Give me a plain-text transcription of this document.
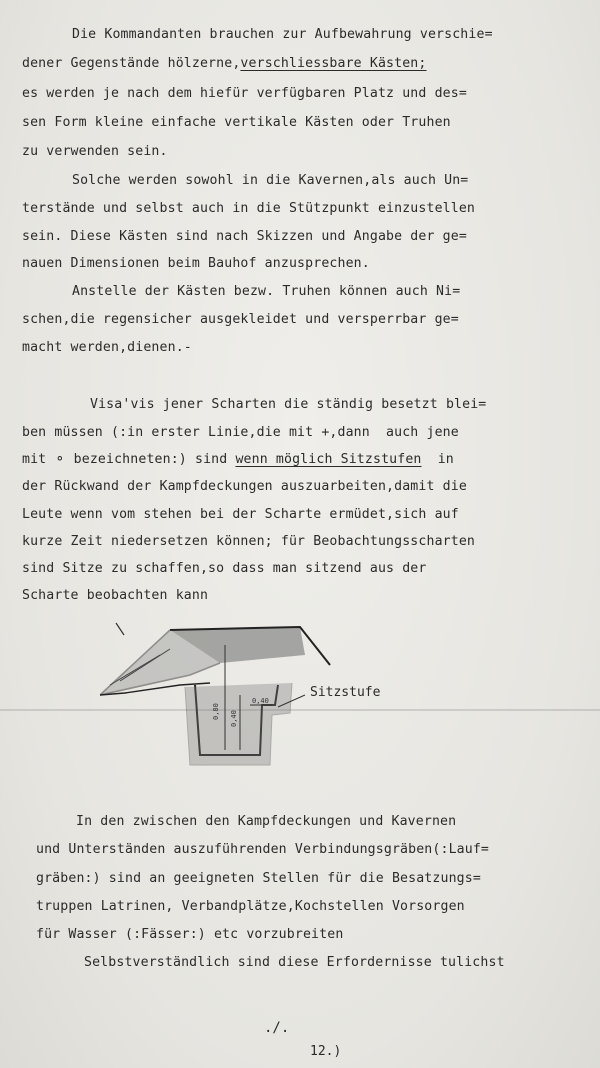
Die Kommandanten brauchen zur Aufbewahrung verschie=
dener Gegenstände hölzerne,verschliessbare Kästen;
es werden je nach dem hiefür verfügbaren Platz und des=
sen Form kleine einfache vertikale Kästen oder Truhen
zu verwenden sein.
Solche werden sowohl in die Kavernen,als auch Un=
terstände und selbst auch in die Stützpunkt einzustellen
sein. Diese Kästen sind nach Skizzen und Angabe der ge=
nauen Dimensionen beim Bauhof anzusprechen.
Anstelle der Kästen bezw. Truhen können auch Ni=
schen,die regensicher ausgekleidet und versperrbar ge=
macht werden,dienen.-
Visa'vis jener Scharten die ständig besetzt blei=
ben müssen (:in erster Linie,die mit +,dann  auch jene
mit ⚬ bezeichneten:) sind wenn möglich Sitzstufen  in
der Rückwand der Kampfdeckungen auszuarbeiten,damit die
Leute wenn vom stehen bei der Scharte ermüdet,sich auf
kurze Zeit niedersetzen können; für Beobachtungsscharten
sind Sitze zu schaffen,so dass man sitzend aus der
Scharte beobachten kann
0,80 0,40
0,40
Sitzstufe
In den zwischen den Kampfdeckungen und Kavernen
und Unterständen auszuführenden Verbindungsgräben(:Lauf=
gräben:) sind an geeigneten Stellen für die Besatzungs=
truppen Latrinen, Verbandplätze,Kochstellen Vorsorgen
für Wasser (:Fässer:) etc vorzubreiten
Selbstverständlich sind diese Erfordernisse tulichst
./.
12.)
